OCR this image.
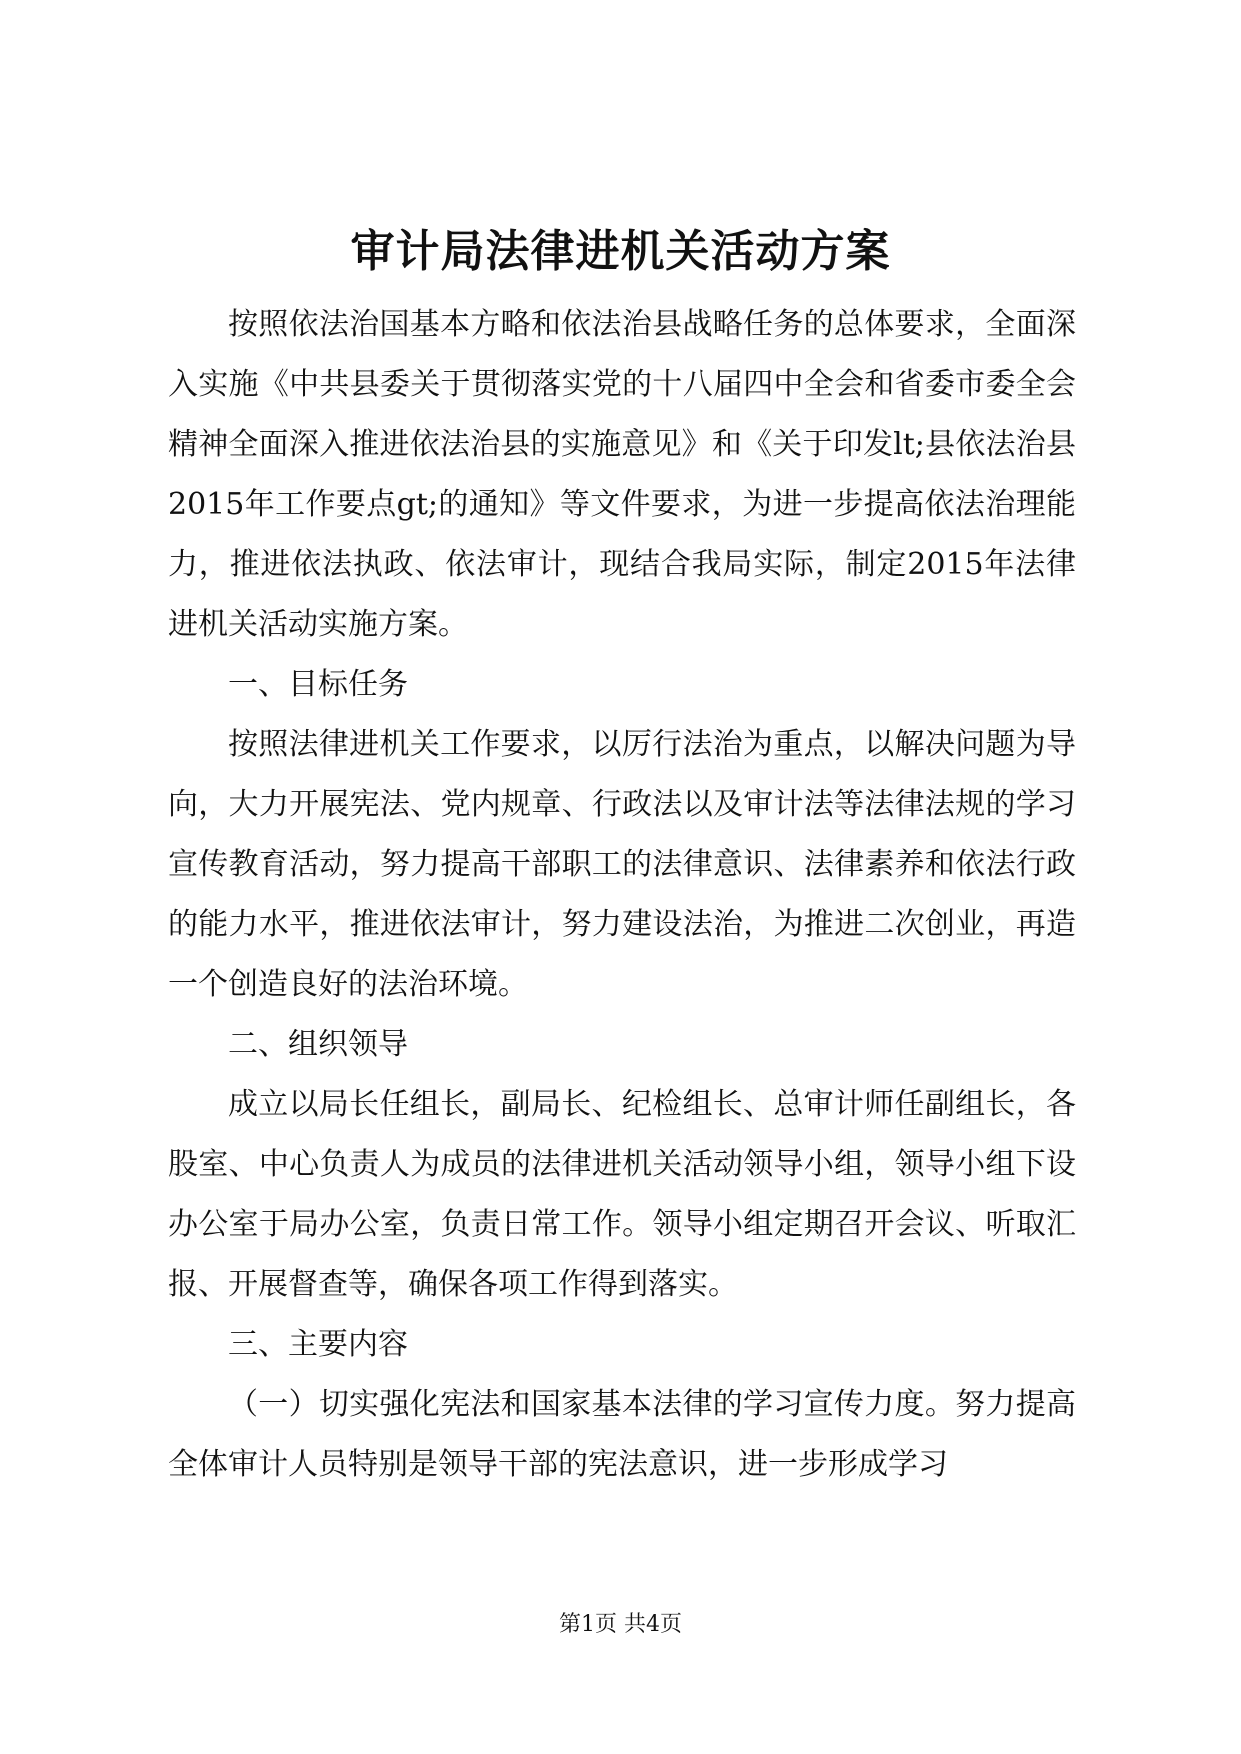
审计局法律进机关活动方案

按照依法治国基本方略和依法治县战略任务的总体要求，全面深入实施《中共县委关于贯彻落实党的十八届四中全会和省委市委全会精神全面深入推进依法治县的实施意见》和《关于印发lt;县依法治县2015年工作要点gt;的通知》等文件要求，为进一步提高依法治理能力，推进依法执政、依法审计，现结合我局实际，制定2015年法律进机关活动实施方案。

一、目标任务

按照法律进机关工作要求，以厉行法治为重点，以解决问题为导向，大力开展宪法、党内规章、行政法以及审计法等法律法规的学习宣传教育活动，努力提高干部职工的法律意识、法律素养和依法行政的能力水平，推进依法审计，努力建设法治，为推进二次创业，再造一个创造良好的法治环境。

二、组织领导

成立以局长任组长，副局长、纪检组长、总审计师任副组长，各股室、中心负责人为成员的法律进机关活动领导小组，领导小组下设办公室于局办公室，负责日常工作。领导小组定期召开会议、听取汇报、开展督查等，确保各项工作得到落实。

三、主要内容

（一）切实强化宪法和国家基本法律的学习宣传力度。努力提高全体审计人员特别是领导干部的宪法意识，进一步形成学习

第1页 共4页
